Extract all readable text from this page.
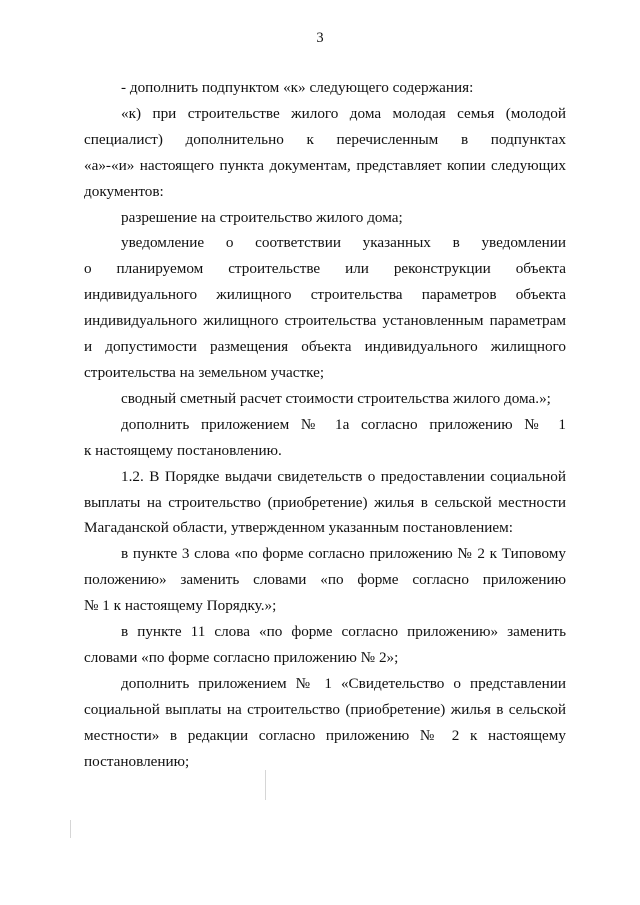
3

- дополнить подпунктом «к» следующего содержания:

«к) при строительстве жилого дома молодая семья (молодой
специалист) дополнительно к перечисленным в подпунктах
«а»-«и» настоящего пункта документам, представляет копии следующих
документов:

разрешение на строительство жилого дома;

уведомление о соответствии указанных в уведомлении
о планируемом строительстве или реконструкции объекта
индивидуального жилищного строительства параметров объекта
индивидуального жилищного строительства установленным параметрам
и допустимости размещения объекта индивидуального жилищного
строительства на земельном участке;

сводный сметный расчет стоимости строительства жилого дома.»;

дополнить приложением № 1а согласно приложению № 1
к настоящему постановлению.

1.2. В Порядке выдачи свидетельств о предоставлении социальной
выплаты на строительство (приобретение) жилья в сельской местности
Магаданской области, утвержденном указанным постановлением:

в пункте 3 слова «по форме согласно приложению № 2 к Типовому
положению» заменить словами «по форме согласно приложению
№ 1 к настоящему Порядку.»;

в пункте 11 слова «по форме согласно приложению» заменить
словами «по форме согласно приложению № 2»;

дополнить приложением № 1 «Свидетельство о представлении
социальной выплаты на строительство (приобретение) жилья в сельской
местности» в редакции согласно приложению № 2 к настоящему
постановлению;
